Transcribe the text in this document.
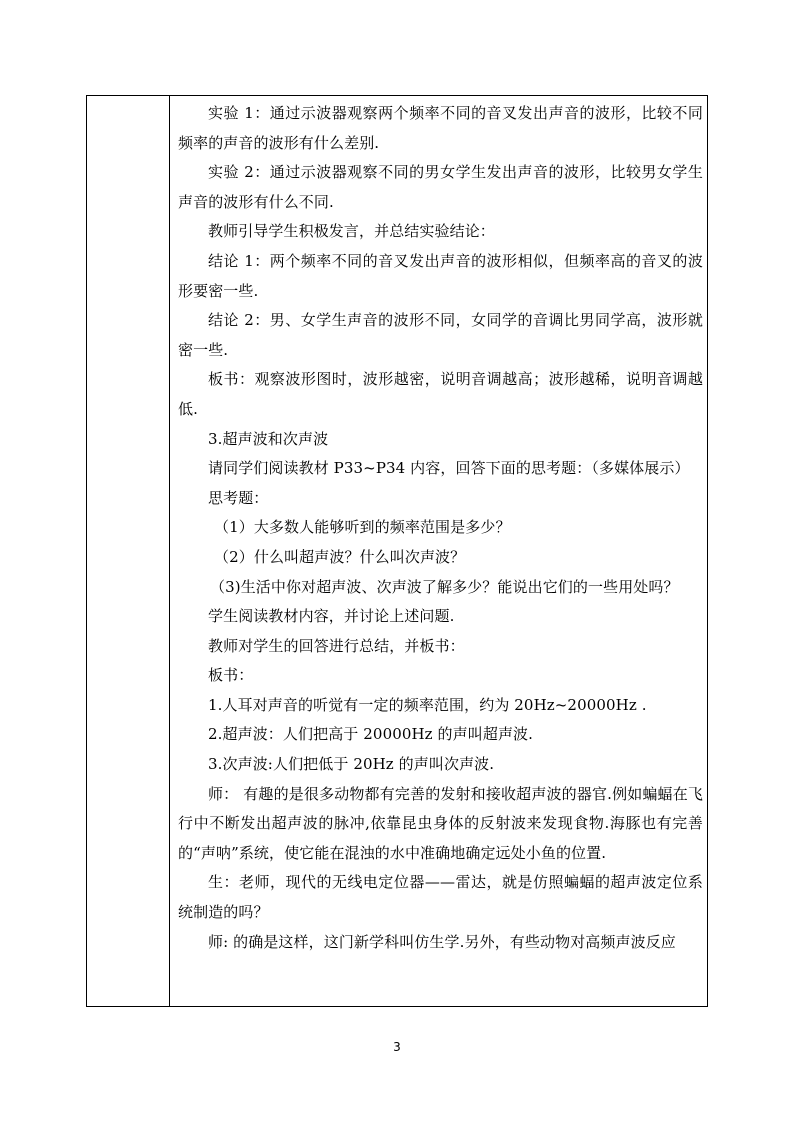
实验 1：通过示波器观察两个频率不同的音叉发出声音的波形，比较不同频率的声音的波形有什么差别.

实验 2：通过示波器观察不同的男女学生发出声音的波形，比较男女学生声音的波形有什么不同.

教师引导学生积极发言，并总结实验结论：

结论 1：两个频率不同的音叉发出声音的波形相似，但频率高的音叉的波形要密一些.

结论 2：男、女学生声音的波形不同，女同学的音调比男同学高，波形就密一些.

板书：观察波形图时，波形越密，说明音调越高；波形越稀，说明音调越低.

3.超声波和次声波

请同学们阅读教材 P33~P34 内容，回答下面的思考题：（多媒体展示）

思考题：

（1）大多数人能够听到的频率范围是多少？

（2）什么叫超声波？什么叫次声波？

（3)生活中你对超声波、次声波了解多少？能说出它们的一些用处吗？

学生阅读教材内容，并讨论上述问题.

教师对学生的回答进行总结，并板书：

板书：

1.人耳对声音的听觉有一定的频率范围，约为 20Hz~20000Hz .

2.超声波：人们把高于 20000Hz 的声叫超声波.

3.次声波:人们把低于 20Hz 的声叫次声波.

师： 有趣的是很多动物都有完善的发射和接收超声波的器官.例如蝙蝠在飞行中不断发出超声波的脉冲,依靠昆虫身体的反射波来发现食物.海豚也有完善的“声呐”系统，使它能在混浊的水中准确地确定远处小鱼的位置.

生：老师，现代的无线电定位器——雷达，就是仿照蝙蝠的超声波定位系统制造的吗？

师: 的确是这样，这门新学科叫仿生学.另外，有些动物对高频声波反应

3
